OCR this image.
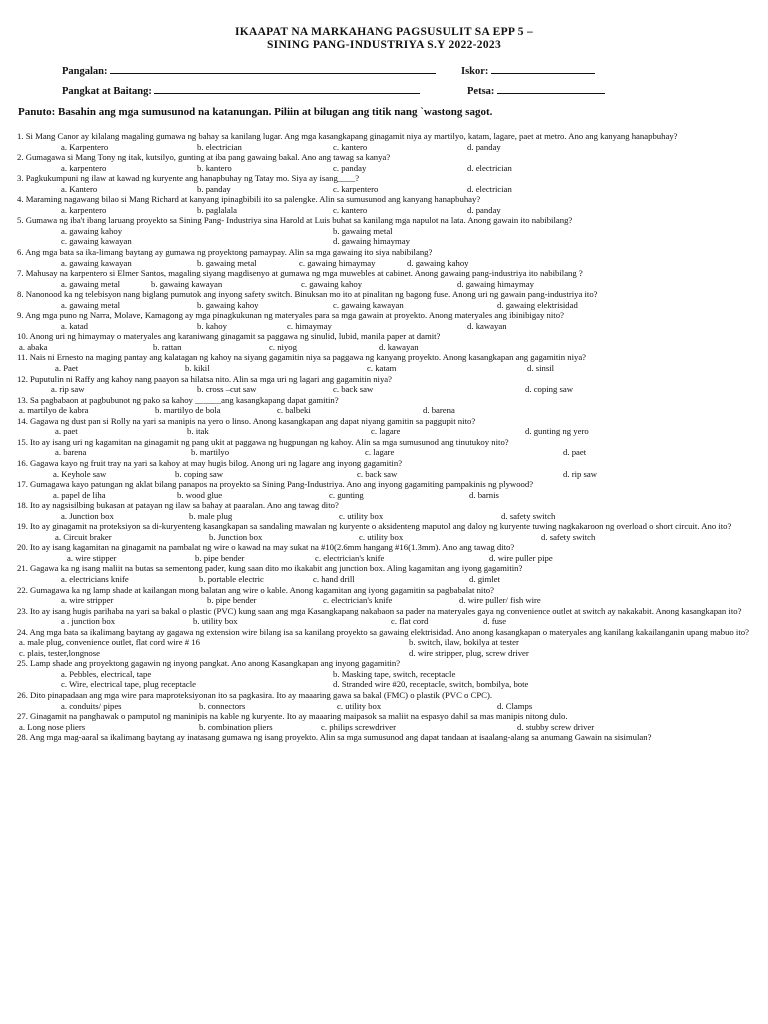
IKAAPAT NA MARKAHANG PAGSUSULIT SA EPP 5 –
SINING PANG-INDUSTRIYA S.Y 2022-2023
Pangalan:	Iskor:
Pangkat at Baitang:	Petsa:
Panuto: Basahin ang mga sumusunod na katanungan. Piliin at bilugan ang titik nang `wastong sagot.
1. Si Mang Canor ay kilalang magaling gumawa ng bahay sa kanilang lugar. Ang mga kasangkapang ginagamit niya ay martilyo, katam, lagare, paet at metro. Ano ang kanyang hanapbuhay?
a. Karpentero	b. electrician	c. kantero	d. panday
2. Gumagawa si Mang Tony ng itak, kutsilyo, gunting at iba pang gawaing bakal. Ano ang tawag sa kanya?
a. karpentero	b. kantero	c. panday	d. electrician
3. Pagkukumpuni ng ilaw at kawad ng kuryente ang hanapbuhay ng Tatay mo. Siya ay isang____?
a. Kantero	b. panday	c. karpentero	d. electrician
4. Maraming nagawang bilao si Mang Richard at kanyang ipinagbibili ito sa palengke. Alin sa sumusunod ang kanyang hanapbuhay?
a. karpentero	b. paglalala	c. kantero	d. panday
5. Gumawa ng iba't ibang laruang proyekto sa Sining Pang- Industriya sina Harold at Luis buhat sa kanilang mga napulot na lata. Anong gawain ito nabibilang?
a. gawaing kahoy	b. gawaing metal
c. gawaing kawayan	d. gawaing himaymay
6. Ang mga bata sa ika-limang baytang ay gumawa ng proyektong pamaypay. Alin sa mga gawaing ito siya nabibilang?
a. gawaing kawayan	b. gawaing metal	c. gawaing himaymay	d. gawaing kahoy
7. Mahusay na karpentero si Elmer Santos, magaling siyang magdisenyo at gumawa ng mga muwebles at cabinet. Anong gawaing pang-industriya ito nabibilang ?
a. gawaing metal	b. gawaing kawayan	c. gawaing kahoy	d. gawaing himaymay
8. Nanonood ka ng telebisyon nang biglang pumutok ang inyong safety switch. Binuksan mo ito at pinalitan ng bagong fuse. Anong uri ng gawain pang-industriya ito?
a. gawaing metal	b. gawaing kahoy	c. gawaing kawayan	d. gawaing elektrisidad
9. Ang mga puno ng Narra, Molave, Kamagong ay mga pinagkukunan ng materyales para sa mga gawain at proyekto. Anong materyales ang ibinibigay nito?
a. katad	b. kahoy	c. himaymay	d. kawayan
10. Anong uri ng himaymay o materyales ang karaniwang ginagamit sa paggawa ng sinulid, lubid, manila paper at damit?
a. abaka	b. rattan	c. niyog	d. kawayan
11. Nais ni Ernesto na maging pantay ang kalatagan ng kahoy na siyang gagamitin niya sa paggawa ng kanyang proyekto. Anong kasangkapan ang gagamitin niya?
a. Paet	b. kikil	c. katam	d. sinsil
12. Puputulin ni Raffy ang kahoy nang paayon sa hilatsa nito. Alin sa mga uri ng lagari ang gagamitin niya?
a. rip saw	b. cross –cut saw	c. back saw	d. coping saw
13. Sa pagbabaon at pagbubunot ng pako sa kahoy ______ang kasangkapang dapat gamitin?
a. martilyo de kabra	b. martilyo de bola	c. balbeki	d. barena
14. Gagawa ng dust pan si Rolly na yari sa manipis na yero o linso. Anong kasangkapan ang dapat niyang gamitin sa paggupit nito?
a. paet	b. itak	c. lagare	d. gunting ng yero
15. Ito ay isang uri ng kagamitan na ginagamit ng pang ukit at paggawa ng hugpungan ng kahoy. Alin sa mga sumusunod ang tinutukoy nito?
a. barena	b. martilyo	c. lagare	d. paet
16. Gagawa kayo ng fruit tray na yari sa kahoy at may hugis bilog. Anong uri ng lagare ang inyong gagamitin?
a. Keyhole saw	b. coping saw	c. back saw	d. rip saw
17. Gumagawa kayo patungan ng aklat bilang panapos na proyekto sa Sining Pang-Industriya. Ano ang inyong gagamiting pampakinis ng plywood?
a. papel de liha	b. wood glue	c. gunting	d. barnis
18. Ito ay nagsisilbing bukasan at patayan ng ilaw sa bahay at paaralan. Ano ang tawag dito?
a. Junction box	b. male plug	c. utility box	d. safety switch
19. Ito ay ginagamit na proteksiyon sa di-kuryenteng kasangkapan sa sandaling mawalan ng kuryente o aksidenteng maputol ang daloy ng kuryente tuwing nagkakaroon ng overload o short circuit. Ano ito?
a. Circuit braker	b. Junction box	c. utility box	d. safety switch
20. Ito ay isang kagamitan na ginagamit na pambalat ng wire o kawad na may sukat na #10(2.6mm hangang #16(1.3mm). Ano ang tawag dito?
a. wire stipper	b. pipe bender	c. electrician's knife	d. wire puller pipe
21. Gagawa ka ng isang maliit na butas sa sementong pader, kung saan dito mo ikakabit ang junction box. Aling kagamitan ang iyong gagamitin?
a. electricians knife	b. portable electric	c. hand drill	d. gimlet
22. Gumagawa ka ng lamp shade at kailangan mong balatan ang wire o kable. Anong kagamitan ang iyong gagamitin sa pagbabalat nito?
a. wire stripper	b. pipe bender	c. electrician's knife	d. wire puller/ fish wire
23. Ito ay isang hugis parihaba na yari sa bakal o plastic (PVC) kung saan ang mga Kasangkapang nakabaon sa pader na materyales gaya ng convenience outlet at switch ay nakakabit. Anong kasangkapan ito?
a . junction box	b. utility box	c. flat cord	d. fuse
24. Ang mga bata sa ikalimang baytang ay gagawa ng extension wire bilang isa sa kanilang proyekto sa gawaing elektrisidad. Ano anong kasangkapan o materyales ang kanilang kakailanganin upang mabuo ito?
a. male plug, convenience outlet, flat cord wire # 16	b. switch, ilaw, bokilya at tester
c. plais, tester,longnose	d. wire stripper, plug, screw driver
25. Lamp shade ang proyektong gagawin ng inyong pangkat. Ano anong Kasangkapan ang inyong gagamitin?
a. Pebbles, electrical, tape	b. Masking tape, switch, receptacle
c. Wire, electrical tape, plug receptacle	d. Stranded wire #20, receptacle, switch, bombilya, bote
26. Dito pinapadaan ang mga wire para maproteksiyonan ito sa pagkasira. Ito ay maaaring gawa sa bakal (FMC) o plastik (PVC o CPC).
a. conduits/ pipes	b. connectors	c. utility box	d. Clamps
27. Ginagamit na panghawak o pamputol ng maninipis na kable ng kuryente. Ito ay maaaring maipasok sa maliit na espasyo dahil sa mas manipis nitong dulo.
a. Long nose pliers	b. combination pliers	c. philips screwdriver	d. stubby screw driver
28. Ang mga mag-aaral sa ikalimang baytang ay inatasang gumawa ng isang proyekto. Alin sa mga sumusunod ang dapat tandaan at isaalang-alang sa anumang Gawain na sisimulan?
